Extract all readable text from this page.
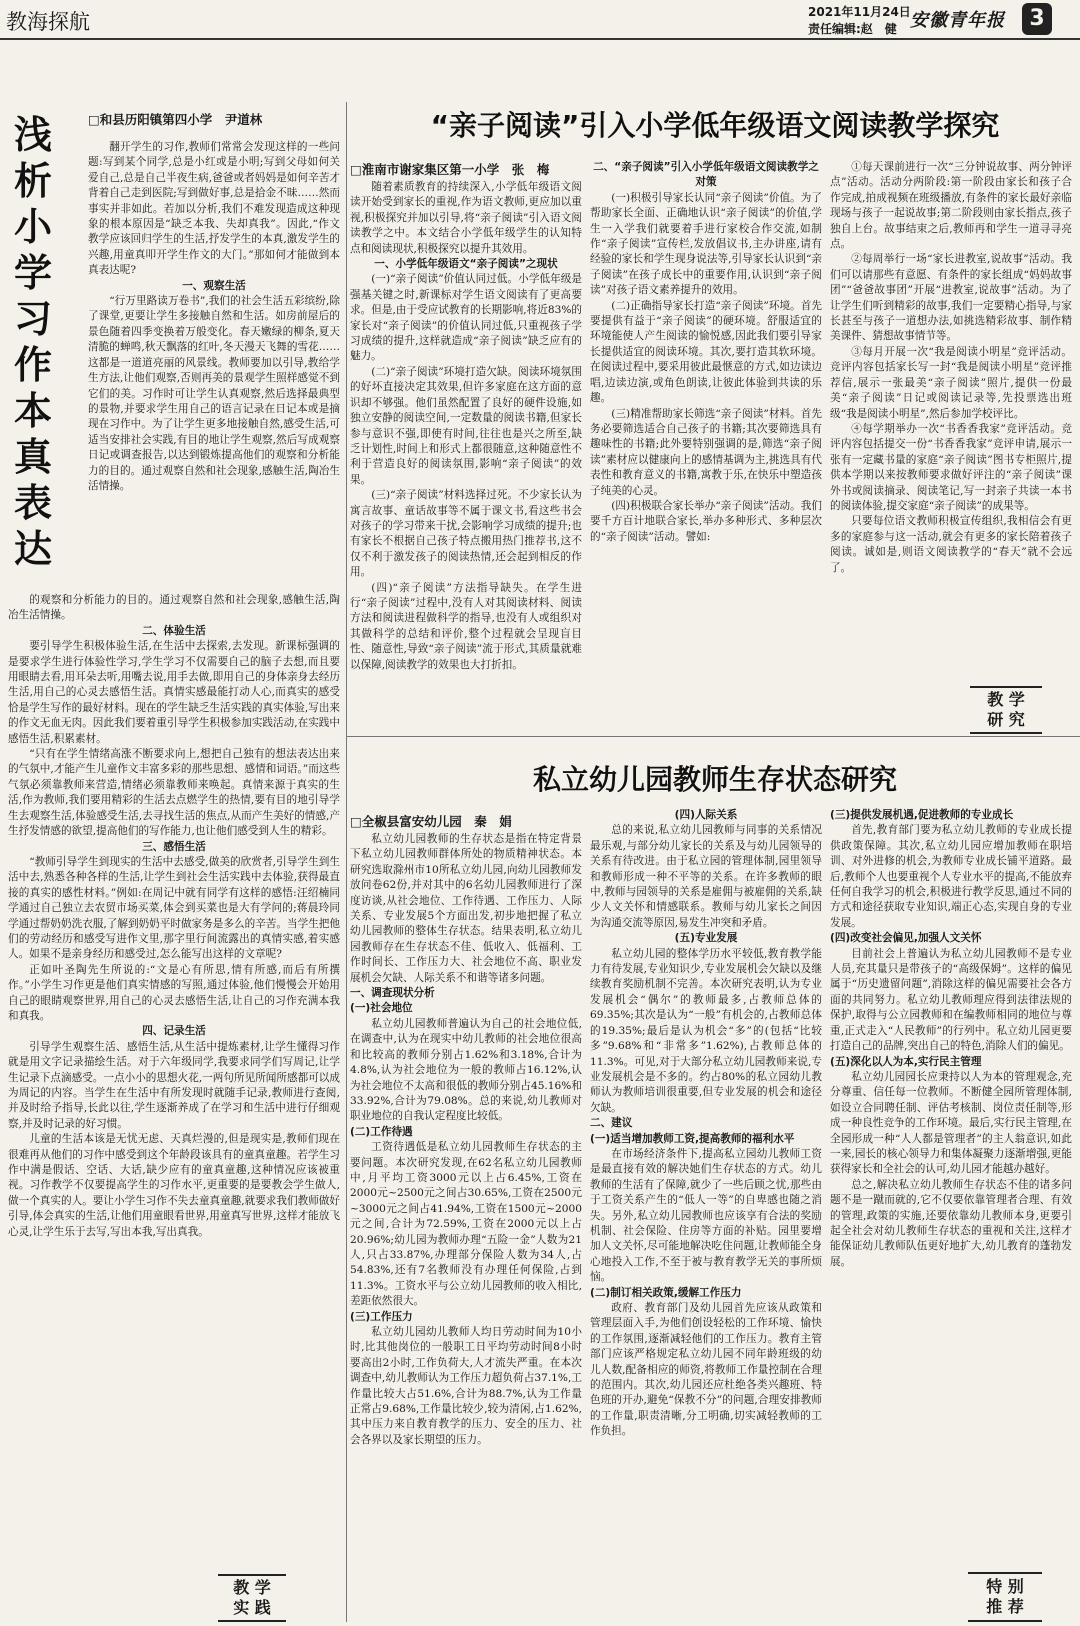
教海探航	2021年11月24日
责任编辑:赵　健 安徽青年报	3
浅析小学习作本真表达
□和县历阳镇第四小学　尹道林

翻开学生的习作,教师们常常会发现这样的一些问题:写到某个同学,总是小红或是小明;写到父母如何关爱自己,总是自己半夜生病,爸爸或者妈妈是如何辛苦才背着自己走到医院;写到做好事,总是拾金不昧……然而事实并非如此。若加以分析,我们不难发现造成这种现象的根本原因是“缺乏本我、失却真我”。因此,“作文教学应该回归学生的生活,抒发学生的本真,激发学生的兴趣,用童真叩开学生作文的大门。”那如何才能做到本真表达呢?

一、观察生活

“行万里路读万卷书”,我们的社会生活五彩缤纷,除了课堂,更要让学生多接触自然和生活。如房前屋后的景色随着四季变换着万般变化。春天嫩绿的柳条,夏天清脆的蝉鸣,秋天飘落的红叶,冬天漫天飞舞的雪花……这都是一道道亮丽的风景线。教师要加以引导,教给学生方法,让他们观察,否则再美的景观学生照样感觉不到它们的美。习作时可让学生认真观察,然后选择最典型的景物,并要求学生用自己的语言记录在日记本或是摘现在习作中。为了让学生更多地接触自然,感受生活,可适当安排社会实践,有目的地让学生观察,然后写成观察日记或调查报告,以达到锻炼提高他们的观察和分析能力的目的。通过观察自然和社会现象,感触生活,陶冶生活情操。

的观察和分析能力的目的。通过观察自然和社会现象,感触生活,陶冶生活情操。

二、体验生活

要引导学生积极体验生活,在生活中去探索,去发现。新课标强调的是要求学生进行体验性学习,学生学习不仅需要自己的脑子去想,而且要用眼睛去看,用耳朵去听,用嘴去说,用手去做,即用自己的身体亲身去经历生活,用自己的心灵去感悟生活。真情实感最能打动人心,而真实的感受恰是学生写作的最好材料。现在的学生缺乏生活实践的真实体验,写出来的作文无血无肉。因此我们要着重引导学生积极参加实践活动,在实践中感悟生活,积累素材。

“只有在学生情绪高涨不断要求向上,想把自己独有的想法表达出来的气氛中,才能产生儿童作文丰富多彩的那些思想、感情和词语。”而这些气氛必须靠教师来营造,情绪必须靠教师来唤起。真情来源于真实的生活,作为教师,我们要用精彩的生活去点燃学生的热情,要有目的地引导学生去观察生活,体验感受生活,去寻找生活的焦点,从而产生美好的情感,产生抒发情感的欲望,提高他们的写作能力,也让他们感受到人生的精彩。

三、感悟生活

“教师引导学生到现实的生活中去感受,做美的欣赏者,引导学生到生活中去,熟悉各种各样的生活,让学生到社会生活实践中去体验,获得最直接的真实的感性材料。”例如:在周记中就有同学有这样的感悟:汪绍楠同学通过自己独立去农贸市场买菜,体会到买菜也是大有学问的;蒋晨玲同学通过帮奶奶洗衣服,了解到奶奶平时做家务是多么的辛苦。当学生把他们的劳动经历和感受写进作文里,那字里行间流露出的真情实感,着实感人。如果不是亲身经历和感受过,怎么能写出这样的文章呢?

正如叶圣陶先生所说的:“文是心有所思,情有所感,而后有所撰作。”小学生习作更是他们真实情感的写照,通过体验,他们慢慢会开始用自己的眼睛观察世界,用自己的心灵去感悟生活,让自己的习作充满本我和真我。

四、记录生活

引导学生观察生活、感悟生活,从生活中提炼素材,让学生懂得习作就是用文字记录描绘生活。对于六年级同学,我要求同学们写周记,让学生记录下点滴感受。一点小小的思想火花,一两句所见所闻所感都可以成为周记的内容。当学生在生活中有所发现时就随手记录,教师进行查阅,并及时给予指导,长此以往,学生逐渐养成了在学习和生活中进行仔细观察,并及时记录的好习惯。

儿童的生活本该是无忧无虑、天真烂漫的,但是现实是,教师们现在很难再从他们的习作中感受到这个年龄段该具有的童真童趣。若学生习作中满是假话、空话、大话,缺少应有的童真童趣,这种情况应该被重视。习作教学不仅要提高学生的习作水平,更重要的是要教会学生做人,做一个真实的人。要让小学生习作不失去童真童趣,就要求我们教师做好引导,体会真实的生活,让他们用童眼看世界,用童真写世界,这样才能放飞心灵,让学生乐于去写,写出本我,写出真我。

教 学
实 践
“亲子阅读”引入小学低年级语文阅读教学探究
□淮南市谢家集区第一小学　张　梅

随着素质教育的持续深入,小学低年级语文阅读开始受到家长的重视,作为语文教师,更应加以重视,积极探究并加以引导,将“亲子阅读”引入语文阅读教学之中。本文结合小学低年级学生的认知特点和阅读现状,积极探究以提升其效用。

一、小学低年级语文“亲子阅读”之现状

(一)“亲子阅读”价值认同过低。小学低年级是强基关键之时,新课标对学生语文阅读有了更高要求。但是,由于受应试教育的长期影响,将近83%的家长对“亲子阅读”的价值认同过低,只重视孩子学习成绩的提升,这样就造成“亲子阅读”缺乏应有的魅力。

(二)“亲子阅读”环境打造欠缺。阅读环境氛围的好坏直接决定其效果,但许多家庭在这方面的意识却不够强。他们虽然配置了良好的硬件设施,如独立安静的阅读空间,一定数量的阅读书籍,但家长参与意识不强,即使有时间,往往也是兴之所至,缺乏计划性,时间上和形式上都很随意,这种随意性不利于营造良好的阅读氛围,影响“亲子阅读”的效果。

(三)“亲子阅读”材料选择过死。不少家长认为寓言故事、童话故事等不属于课文书,看这些书会对孩子的学习带来干扰,会影响学习成绩的提升;也有家长不根据自己孩子特点搬用热门推荐书,这不仅不利于激发孩子的阅读热情,还会起到相反的作用。

(四)“亲子阅读”方法指导缺失。在学生进行“亲子阅读”过程中,没有人对其阅读材料、阅读方法和阅读进程做科学的指导,也没有人或组织对其做科学的总结和评价,整个过程就会呈现盲目性、随意性,导致“亲子阅读”流于形式,其质量就难以保障,阅读教学的效果也大打折扣。

二、“亲子阅读”引入小学低年级语文阅读教学之对策

(一)积极引导家长认同“亲子阅读”价值。为了帮助家长全面、正确地认识“亲子阅读”的价值,学生一入学我们就要着手进行家校合作交流,如制作“亲子阅读”宣传栏,发放倡议书,主办讲座,请有经验的家长和学生现身说法等,引导家长认识到“亲子阅读”在孩子成长中的重要作用,认识到“亲子阅读”对孩子语文素养提升的效用。

(二)正确指导家长打造“亲子阅读”环境。首先要提供有益于“亲子阅读”的硬环境。舒服适宜的环境能使人产生阅读的愉悦感,因此我们要引导家长提供适宜的阅读环境。其次,要打造其软环境。在阅读过程中,要采用彼此最惬意的方式,如边读边唱,边读边演,或角色朗读,让彼此体验到共读的乐趣。

(三)精准帮助家长筛选“亲子阅读”材料。首先务必要筛选适合自己孩子的书籍;其次要筛选具有趣味性的书籍;此外要特别强调的是,筛选“亲子阅读”素材应以健康向上的感情基调为主,挑选具有代表性和教育意义的书籍,寓教于乐,在快乐中塑造孩子纯美的心灵。

(四)积极联合家长举办“亲子阅读”活动。我们要千方百计地联合家长,举办多种形式、多种层次的“亲子阅读”活动。譬如:

①每天课前进行一次“三分钟说故事、两分钟评点”活动。活动分两阶段:第一阶段由家长和孩子合作完成,拍成视频在班级播放,有条件的家长最好亲临现场与孩子一起说故事;第二阶段则由家长指点,孩子独自上台。故事结束之后,教师再和学生一道寻寻亮点。

②每周举行一场“家长进教室,说故事”活动。我们可以请那些有意愿、有条件的家长组成“妈妈故事团”“爸爸故事团”开展“进教室,说故事”活动。为了让学生们听到精彩的故事,我们一定要精心指导,与家长甚至与孩子一道想办法,如挑选精彩故事、制作精美课件、猜想故事情节等。

③每月开展一次“我是阅读小明星”竞评活动。竞评内容包括家长写一封“我是阅读小明星”竞评推荐信,展示一张最美“亲子阅读”照片,提供一份最美“亲子阅读”日记或阅读记录等,先投票选出班级“我是阅读小明星”,然后参加学校评比。

④每学期举办一次“书香香我家”竞评活动。竞评内容包括提交一份“书香香我家”竞评申请,展示一张有一定藏书量的家庭“亲子阅读”图书专柜照片,提供本学期以来按教师要求做好评注的“亲子阅读”课外书或阅读摘录、阅读笔记,写一封亲子共读一本书的阅读体验,提交家庭“亲子阅读”的成果等。

只要每位语文教师积极宣传组织,我相信会有更多的家庭参与这一活动,就会有更多的家长陪着孩子阅读。诚如是,则语文阅读教学的“春天”就不会远了。

教 学
研 究
私立幼儿园教师生存状态研究
□全椒县富安幼儿园　秦　娟

私立幼儿园教师的生存状态是指在特定背景下私立幼儿园教师群体所处的物质精神状态。本研究选取滁州市10所私立幼儿园,向幼儿园教师发放问卷62份,并对其中的6名幼儿园教师进行了深度访谈,从社会地位、工作待遇、工作压力、人际关系、专业发展5个方面出发,初步地把握了私立幼儿园教师的整体生存状态。结果表明,私立幼儿园教师存在生存状态不佳、低收入、低福利、工作时间长、工作压力大、社会地位不高、职业发展机会欠缺、人际关系不和谐等诸多问题。

一、调查现状分析

(一)社会地位

私立幼儿园教师普遍认为自己的社会地位低,在调查中,认为在现实中幼儿教师的社会地位很高和比较高的教师分别占1.62%和3.18%,合计为4.8%,认为社会地位为一般的教师占16.12%,认为社会地位不太高和很低的教师分别占45.16%和33.92%,合计为79.08%。总的来说,幼儿教师对职业地位的自我认定程度比较低。

(二)工作待遇

工资待遇低是私立幼儿园教师生存状态的主要问题。本次研究发现,在62名私立幼儿园教师中,月平均工资3000元以上占6.45%,工资在2000元~2500元之间占30.65%,工资在2500元~3000元之间占41.94%,工资在1500元~2000元之间,合计为72.59%,工资在2000元以上占20.96%;幼儿园为教师办理“五险一金”人数为21人,只占33.87%,办理部分保险人数为34人,占54.83%,还有7名教师没有办理任何保险,占到11.3%。工资水平与公立幼儿园教师的收入相比,差距依然很大。

(三)工作压力

私立幼儿园幼儿教师人均日劳动时间为10小时,比其他岗位的一般职工日平均劳动时间8小时要高出2小时,工作负荷大,人才流失严重。在本次调查中,幼儿教师认为工作压力超负荷占37.1%,工作量比较大占51.6%,合计为88.7%,认为工作量正常占9.68%,工作量比较少,较为清闲,占1.62%,其中压力来自教育教学的压力、安全的压力、社会各界以及家长期望的压力。

(四)人际关系

总的来说,私立幼儿园教师与同事的关系情况最乐观,与部分幼儿家长的关系及与幼儿园领导的关系有待改进。由于私立园的管理体制,园里领导和教师形成一种不平等的关系。在许多教师的眼中,教师与园领导的关系是雇佣与被雇佣的关系,缺少人文关怀和情感联系。教师与幼儿家长之间因为沟通交流等原因,易发生冲突和矛盾。

(五)专业发展

私立幼儿园的整体学历水平较低,教育教学能力有待发展,专业知识少,专业发展机会欠缺以及继续教育奖励机制不完善。本次研究表明,认为专业发展机会“偶尔”的教师最多,占教师总体的69.35%;其次是认为“一般”有机会的,占教师总体的19.35%;最后是认为机会“多”的(包括“比较多”9.68%和“非常多”1.62%),占教师总体的11.3%。可见,对于大部分私立幼儿园教师来说,专业发展机会是不多的。约占80%的私立园幼儿教师认为教师培训很重要,但专业发展的机会和途径欠缺。

二、建议

(一)适当增加教师工资,提高教师的福利水平

在市场经济条件下,提高私立园幼儿教师工资是最直接有效的解决她们生存状态的方式。幼儿教师的生活有了保障,就少了一些后顾之忧,那些由于工资关系产生的“低人一等”的自卑感也随之消失。另外,私立幼儿园教师也应该享有合法的奖励机制、社会保险、住房等方面的补贴。园里要增加人文关怀,尽可能地解决吃住问题,让教师能全身心地投入工作,不至于被与教育教学无关的事所烦恼。

(二)制订相关政策,缓解工作压力

政府、教育部门及幼儿园首先应该从政策和管理层面入手,为他们创设轻松的工作环境、愉快的工作氛围,逐渐减轻他们的工作压力。教育主管部门应该严格规定私立幼儿园不同年龄班级的幼儿人数,配备相应的师资,将教师工作量控制在合理的范围内。其次,幼儿园还应杜绝各类兴趣班、特色班的开办,避免“保教不分”的问题,合理安排教师的工作量,职责清晰,分工明确,切实减轻教师的工作负担。

(三)提供发展机遇,促进教师的专业成长

首先,教育部门要为私立幼儿教师的专业成长提供政策保障。其次,私立幼儿园应增加教师在职培训、对外进修的机会,为教师专业成长铺平道路。最后,教师个人也要重视个人专业水平的提高,不能放弃任何自我学习的机会,积极进行教学反思,通过不同的方式和途径获取专业知识,端正心态,实现自身的专业发展。

(四)改变社会偏见,加强人文关怀

目前社会上普遍认为私立幼儿园教师不是专业人员,充其量只是带孩子的“高级保姆”。这样的偏见属于“历史遗留问题”,消除这样的偏见需要社会各方面的共同努力。私立幼儿教师理应得到法律法规的保护,取得与公立园教师和在编教师相同的地位与尊重,正式走入“人民教师”的行列中。私立幼儿园更要打造自己的品牌,突出自己的特色,消除人们的偏见。

(五)深化以人为本,实行民主管理

私立幼儿园园长应秉持以人为本的管理观念,充分尊重、信任每一位教师。不断健全园所管理体制,如设立合同聘任制、评估考核制、岗位责任制等,形成一种良性竞争的工作环境。最后,实行民主管理,在全园形成一种“人人都是管理者”的主人翁意识,如此一来,园长的核心领导力和集体凝聚力逐渐增强,更能获得家长和全社会的认可,幼儿园才能越办越好。

总之,解决私立幼儿教师生存状态不佳的诸多问题不是一蹴而就的,它不仅要依靠管理者合理、有效的管理,政策的实施,还要依靠幼儿教师本身,更要引起全社会对幼儿教师生存状态的重视和关注,这样才能保证幼儿教师队伍更好地扩大,幼儿教育的蓬勃发展。

特 别
推 荐
